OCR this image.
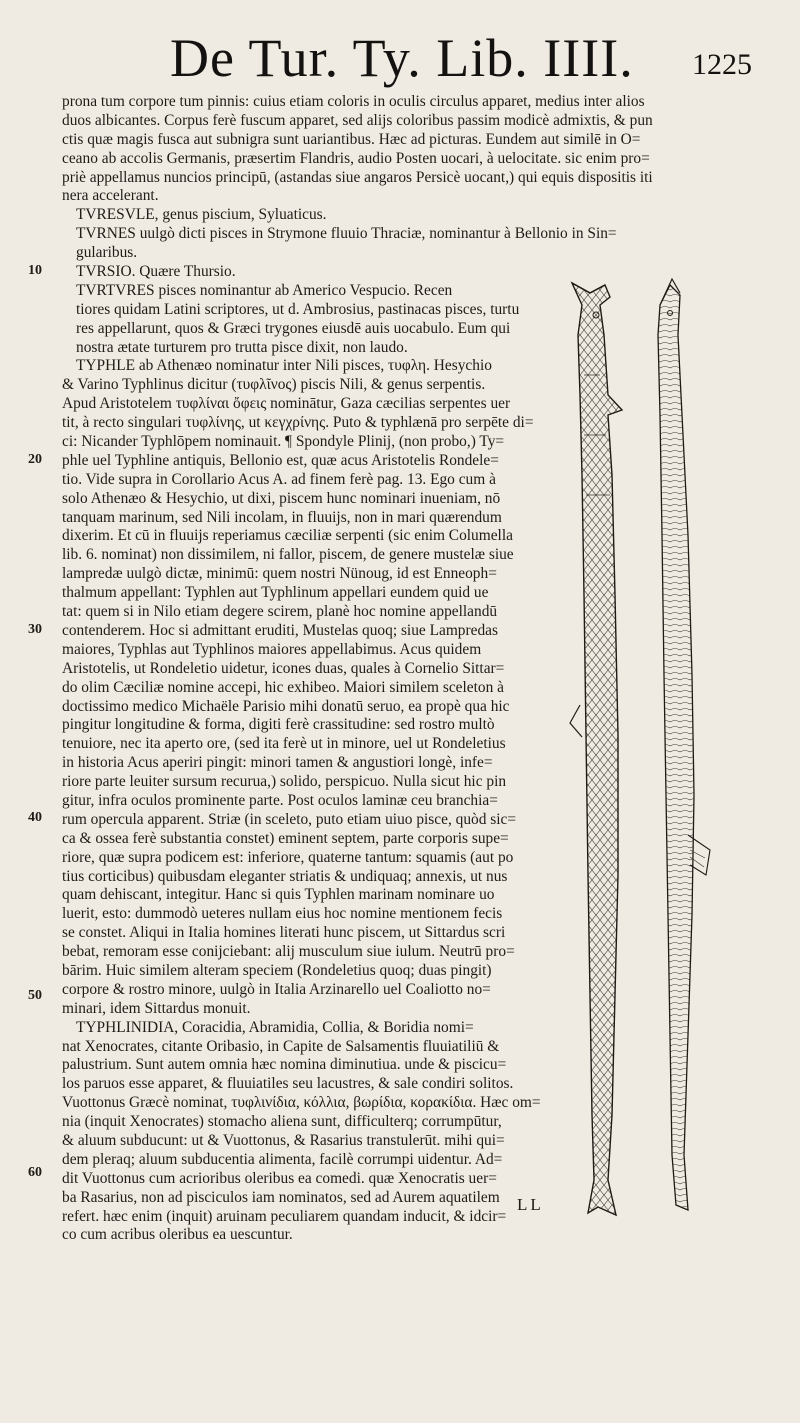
De Tur. Ty. Lib. IIII. 1225
prona tum corpore tum pinnis: cuius etiam coloris in oculis circulus apparet, medius inter alios
duos albicantes. Corpus ferè fuscum apparet, sed alijs coloribus passim modicè admixtis, & pun
ctis quæ magis fusca aut subnigra sunt uariantibus. Hæc ad picturas. Eundem aut similē in O=
ceano ab accolis Germanis, præsertim Flandris, audio Posten uocari, à uelocitate. sic enim pro=
priè appellamus nuncios principū, (astandas siue angaros Persicè uocant,) qui equis dispositis iti
nera accelerant.
TVRESVLE, genus piscium, Syluaticus.
TVRNES uulgò dicti pisces in Strymone fluuio Thraciæ, nominantur à Bellonio in Sin=
gularibus.
TVRSIO. Quære Thursio.
TVRTVRES pisces nominantur ab Americo Vespucio. Recen
tiores quidam Latini scriptores, ut d. Ambrosius, pastinacas pisces, turtu
res appellarunt, quos & Græci trygones eiusdē auis uocabulo. Eum qui
nostra ætate turturem pro trutta pisce dixit, non laudo.
TYPHLE ab Athenæo nominatur inter Nili pisces, τυφλη. Hesychio
& Varino Typhlinus dicitur (τυφλῖνος) piscis Nili, & genus serpentis.
Apud Aristotelem τυφλίναι ὄφεις nominātur, Gaza cæcilias serpentes uer
tit, à recto singulari τυφλίνης, ut κεγχρίνης. Puto & typhlænā pro serpēte di=
ci: Nicander Typhlōpem nominauit. ¶ Spondyle Plinij, (non probo,) Ty=
phle uel Typhline antiquis, Bellonio est, quæ acus Aristotelis Rondele=
tio. Vide supra in Corollario Acus A. ad finem ferè pag. 13. Ego cum à
solo Athenæo & Hesychio, ut dixi, piscem hunc nominari inueniam, nō
tanquam marinum, sed Nili incolam, in fluuijs, non in mari quærendum
dixerim. Et cū in fluuijs reperiamus cæciliæ serpenti (sic enim Columella
lib. 6. nominat) non dissimilem, ni fallor, piscem, de genere mustelæ siue
lampredæ uulgò dictæ, minimū: quem nostri Nünoug, id est Enneoph=
thalmum appellant: Typhlen aut Typhlinum appellari eundem quid ue
tat: quem si in Nilo etiam degere scirem, planè hoc nomine appellandū
contenderem. Hoc si admittant eruditi, Mustelas quoq; siue Lampredas
maiores, Typhlas aut Typhlinos maiores appellabimus. Acus quidem
Aristotelis, ut Rondeletio uidetur, icones duas, quales à Cornelio Sittar=
do olim Cæciliæ nomine accepi, hic exhibeo. Maiori similem sceleton à
doctissimo medico Michaële Parisio mihi donatū seruo, ea propè qua hic
pingitur longitudine & forma, digiti ferè crassitudine: sed rostro multò
tenuiore, nec ita aperto ore, (sed ita ferè ut in minore, uel ut Rondeletius
in historia Acus aperiri pingit: minori tamen & angustiori longè, infe=
riore parte leuiter sursum recurua,) solido, perspicuo. Nulla sicut hic pin
gitur, infra oculos prominente parte. Post oculos laminæ ceu branchia=
rum opercula apparent. Striæ (in sceleto, puto etiam uiuo pisce, quòd sic=
ca & ossea ferè substantia constet) eminent septem, parte corporis supe=
riore, quæ supra podicem est: inferiore, quaterne tantum: squamis (aut po
tius corticibus) quibusdam eleganter striatis & undiquaq; annexis, ut nus
quam dehiscant, integitur. Hanc si quis Typhlen marinam nominare uo
luerit, esto: dummodò ueteres nullam eius hoc nomine mentionem fecis
se constet. Aliqui in Italia homines literati hunc piscem, ut Sittardus scri
bebat, remoram esse conijciebant: alij musculum siue iulum. Neutrū pro=
bārim. Huic similem alteram speciem (Rondeletius quoq; duas pingit)
corpore & rostro minore, uulgò in Italia Arzinarello uel Coaliotto no=
minari, idem Sittardus monuit.
TYPHLINIDIA, Coracidia, Abramidia, Collia, & Boridia nomi=
nat Xenocrates, citante Oribasio, in Capite de Salsamentis fluuiatiliū &
palustrium. Sunt autem omnia hæc nomina diminutiua. unde & piscicu=
los paruos esse apparet, & fluuiatiles seu lacustres, & sale condiri solitos.
Vuottonus Græcè nominat, τυφλινίδια, κόλλια, βωρίδια, κορακίδια. Hæc om=
nia (inquit Xenocrates) stomacho aliena sunt, difficulterq; corrumpūtur,
& aluum subducunt: ut & Vuottonus, & Rasarius transtulerūt. mihi qui=
dem pleraq; aluum subducentia alimenta, facilè corrumpi uidentur. Ad=
dit Vuottonus cum acrioribus oleribus ea comedi. quæ Xenocratis uer=
ba Rasarius, non ad pisciculos iam nominatos, sed ad Aurem aquatilem
refert. hæc enim (inquit) aruinam peculiarem quandam inducit, & idcir=
co cum acribus oleribus ea uescuntur.
10
20
30
40
50
60
LL
